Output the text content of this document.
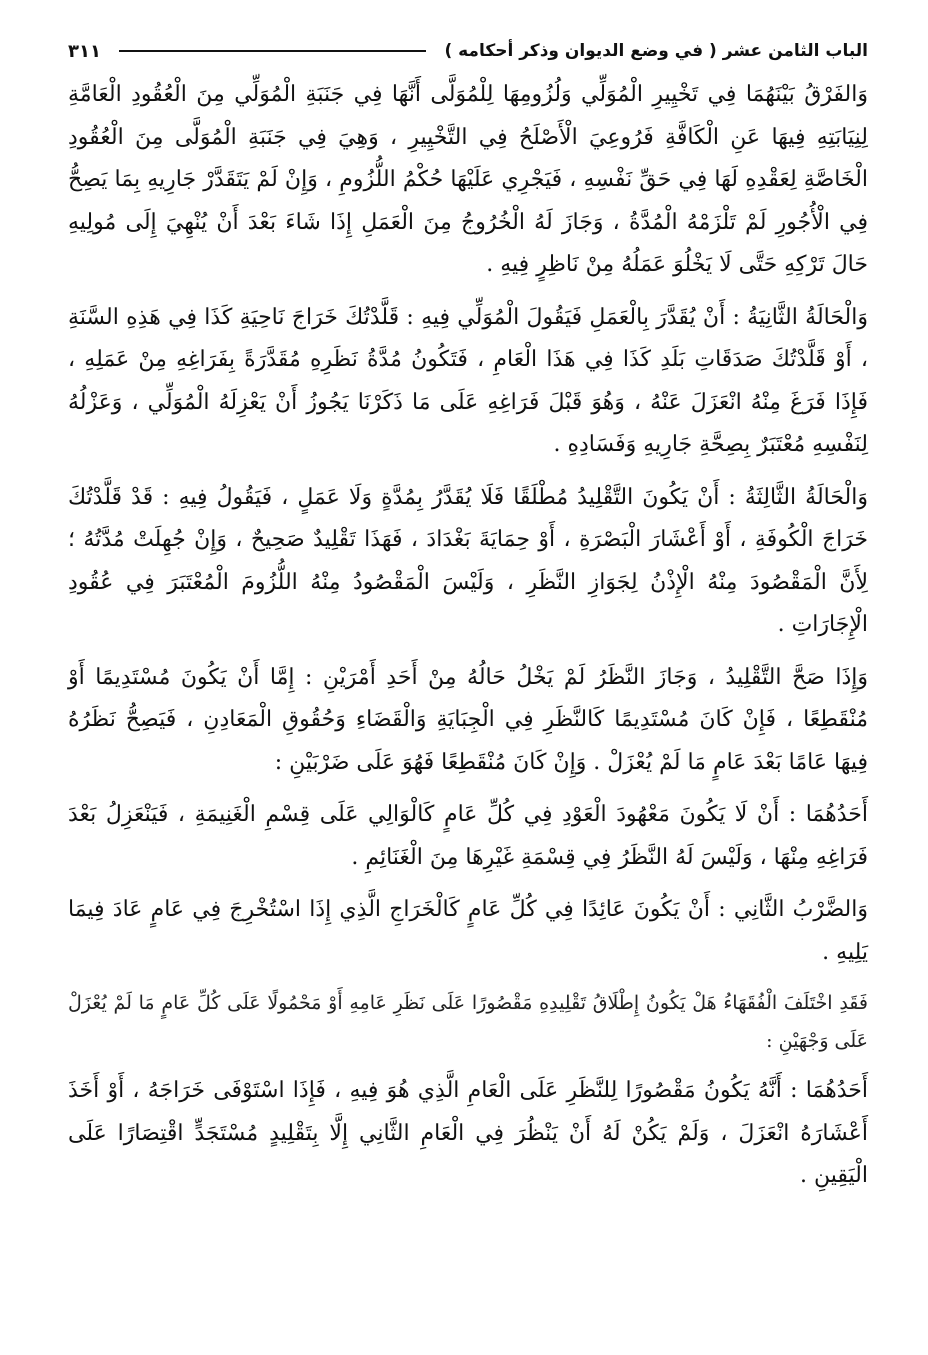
الباب الثامن عشر ( في وضع الديوان وذكر أحكامه )
٣١١

وَالفَرْقُ بَيْنَهُمَا فِي تَخْيِيرِ الْمُوَلِّي وَلُزُومِهَا لِلْمُوَلَّى أَنَّهَا فِي جَنَبَةِ الْمُوَلِّي مِنَ الْعُقُودِ الْعَامَّةِ لِنِيَابَتِهِ فِيهَا عَنِ الْكَافَّةِ فَرُوعِيَ الْأَصْلَحُ فِي التَّخْيِيرِ ، وَهِيَ فِي جَنَبَةِ الْمُوَلَّى مِنَ الْعُقُودِ الْخَاصَّةِ لِعَقْدِهِ لَهَا فِي حَقِّ نَفْسِهِ ، فَيَجْرِي عَلَيْهَا حُكْمُ اللُّزُومِ ، وَإِنْ لَمْ يَتَقَدَّرْ جَارِيهِ بِمَا يَصِحُّ فِي الْأُجُورِ لَمْ تَلْزَمْهُ الْمُدَّةُ ، وَجَازَ لَهُ الْخُرُوجُ مِنَ الْعَمَلِ إِذَا شَاءَ بَعْدَ أَنْ يُنْهِيَ إِلَى مُولِيهِ حَالَ تَرْكِهِ حَتَّى لَا يَخْلُوَ عَمَلُهُ مِنْ نَاظِرٍ فِيهِ .

وَالْحَالَةُ الثَّانِيَةُ : أَنْ يُقَدَّرَ بِالْعَمَلِ فَيَقُولَ الْمُوَلِّي فِيهِ : قَلَّدْتُكَ خَرَاجَ نَاحِيَةِ كَذَا فِي هَذِهِ السَّنَةِ ، أَوْ قَلَّدْتُكَ صَدَقَاتِ بَلَدِ كَذَا فِي هَذَا الْعَامِ ، فَتَكُونُ مُدَّةُ نَظَرِهِ مُقَدَّرَةً بِفَرَاغِهِ مِنْ عَمَلِهِ ، فَإِذَا فَرَغَ مِنْهُ انْعَزَلَ عَنْهُ ، وَهُوَ قَبْلَ فَرَاغِهِ عَلَى مَا ذَكَرْنَا يَجُوزُ أَنْ يَعْزِلَهُ الْمُوَلِّي ، وَعَزْلُهُ لِنَفْسِهِ مُعْتَبَرٌ بِصِحَّةِ جَارِيهِ وَفَسَادِهِ .

وَالْحَالَةُ الثَّالِثَةُ : أَنْ يَكُونَ التَّقْلِيدُ مُطْلَقًا فَلَا يُقَدَّرُ بِمُدَّةٍ وَلَا عَمَلٍ ، فَيَقُولُ فِيهِ : قَدْ قَلَّدْتُكَ خَرَاجَ الْكُوفَةِ ، أَوْ أَعْشَارَ الْبَصْرَةِ ، أَوْ حِمَايَةَ بَغْدَادَ ، فَهَذَا تَقْلِيدٌ صَحِيحٌ ، وَإِنْ جُهِلَتْ مُدَّتُهُ ؛ لِأَنَّ الْمَقْصُودَ مِنْهُ الْإِذْنُ لِجَوَازِ النَّظَرِ ، وَلَيْسَ الْمَقْصُودُ مِنْهُ اللُّزُومَ الْمُعْتَبَرَ فِي عُقُودِ الْإِجَارَاتِ .

وَإِذَا صَحَّ التَّقْلِيدُ ، وَجَازَ النَّظَرُ لَمْ يَخْلُ حَالُهُ مِنْ أَحَدِ أَمْرَيْنِ : إِمَّا أَنْ يَكُونَ مُسْتَدِيمًا أَوْ مُنْقَطِعًا ، فَإِنْ كَانَ مُسْتَدِيمًا كَالنَّظَرِ فِي الْجِبَايَةِ وَالْقَضَاءِ وَحُقُوقِ الْمَعَادِنِ ، فَيَصِحُّ نَظَرُهُ فِيهَا عَامًا بَعْدَ عَامٍ مَا لَمْ يُعْزَلْ . وَإِنْ كَانَ مُنْقَطِعًا فَهُوَ عَلَى ضَرْبَيْنِ :

أَحَدُهُمَا : أَنْ لَا يَكُونَ مَعْهُودَ الْعَوْدِ فِي كُلِّ عَامٍ كَالْوَالِي عَلَى قِسْمِ الْغَنِيمَةِ ، فَيَنْعَزِلُ بَعْدَ فَرَاغِهِ مِنْهَا ، وَلَيْسَ لَهُ النَّظَرُ فِي قِسْمَةِ غَيْرِهَا مِنَ الْغَنَائِمِ .

وَالضَّرْبُ الثَّانِي : أَنْ يَكُونَ عَائِدًا فِي كُلِّ عَامٍ كَالْخَرَاجِ الَّذِي إِذَا اسْتُخْرِجَ فِي عَامٍ عَادَ فِيمَا يَلِيهِ .

فَقَدِ اخْتَلَفَ الْفُقَهَاءُ هَلْ يَكُونُ إِطْلَاقُ تَقْلِيدِهِ مَقْصُورًا عَلَى نَظَرِ عَامِهِ أَوْ مَحْمُولًا عَلَى كُلِّ عَامٍ مَا لَمْ يُعْزَلْ عَلَى وَجْهَيْنِ :

أَحَدُهُمَا : أَنَّهُ يَكُونُ مَقْصُورًا لِلنَّظَرِ عَلَى الْعَامِ الَّذِي هُوَ فِيهِ ، فَإِذَا اسْتَوْفَى خَرَاجَهُ ، أَوْ أَخَذَ أَعْشَارَهُ انْعَزَلَ ، وَلَمْ يَكُنْ لَهُ أَنْ يَنْظُرَ فِي الْعَامِ الثَّانِي إِلَّا بِتَقْلِيدٍ مُسْتَجَدٍّ اقْتِصَارًا عَلَى الْيَقِينِ .
